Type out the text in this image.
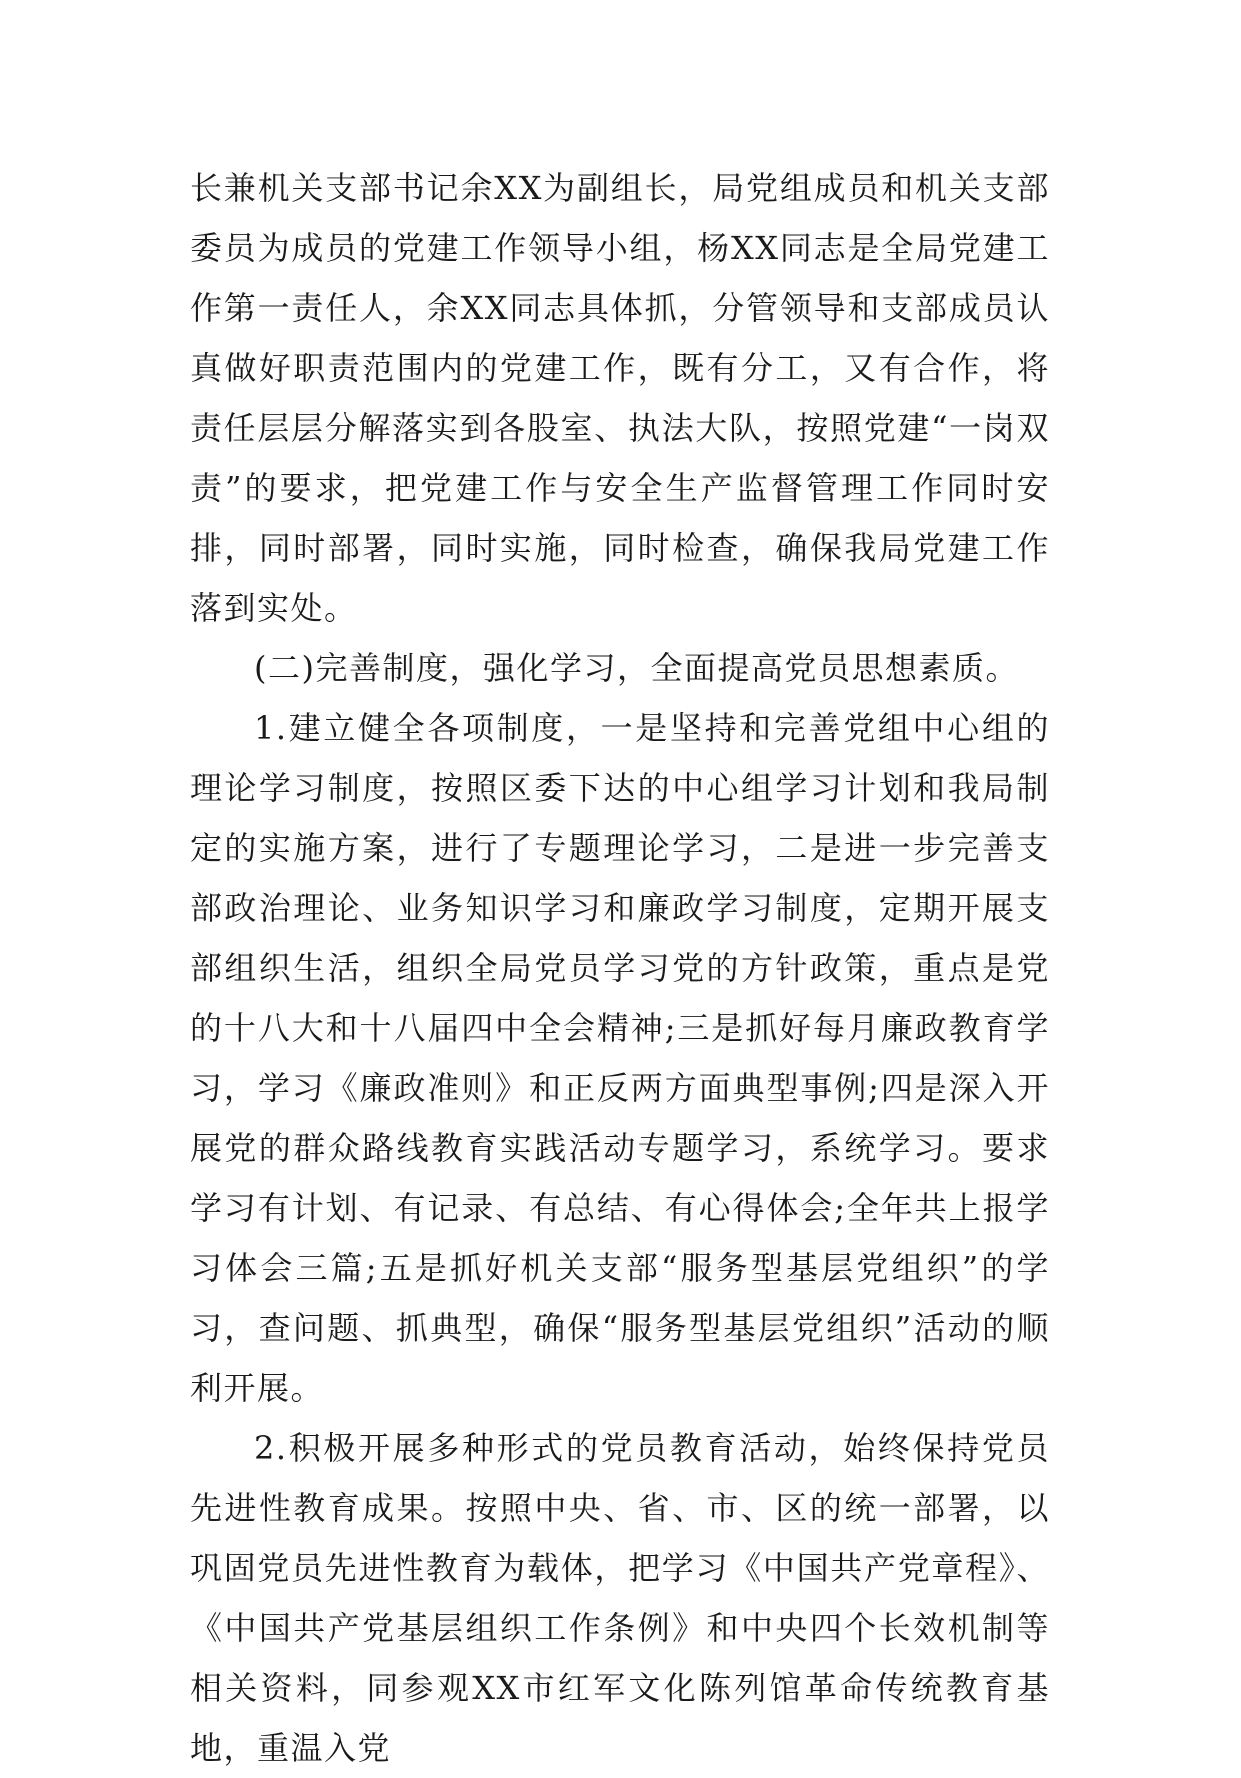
长兼机关支部书记余XX为副组长，局党组成员和机关支部委员为成员的党建工作领导小组，杨XX同志是全局党建工作第一责任人，余XX同志具体抓，分管领导和支部成员认真做好职责范围内的党建工作，既有分工，又有合作，将责任层层分解落实到各股室、执法大队，按照党建“一岗双责”的要求，把党建工作与安全生产监督管理工作同时安排，同时部署，同时实施，同时检查，确保我局党建工作落到实处。

(二)完善制度，强化学习，全面提高党员思想素质。

1.建立健全各项制度，一是坚持和完善党组中心组的理论学习制度，按照区委下达的中心组学习计划和我局制定的实施方案，进行了专题理论学习，二是进一步完善支部政治理论、业务知识学习和廉政学习制度，定期开展支部组织生活，组织全局党员学习党的方针政策，重点是党的十八大和十八届四中全会精神;三是抓好每月廉政教育学习，学习《廉政准则》和正反两方面典型事例;四是深入开展党的群众路线教育实践活动专题学习，系统学习。要求学习有计划、有记录、有总结、有心得体会;全年共上报学习体会三篇;五是抓好机关支部“服务型基层党组织”的学习，查问题、抓典型，确保“服务型基层党组织”活动的顺利开展。

2.积极开展多种形式的党员教育活动，始终保持党员先进性教育成果。按照中央、省、市、区的统一部署，以巩固党员先进性教育为载体，把学习《中国共产党章程》、《中国共产党基层组织工作条例》和中央四个长效机制等相关资料，同参观XX市红军文化陈列馆革命传统教育基地，重温入党
